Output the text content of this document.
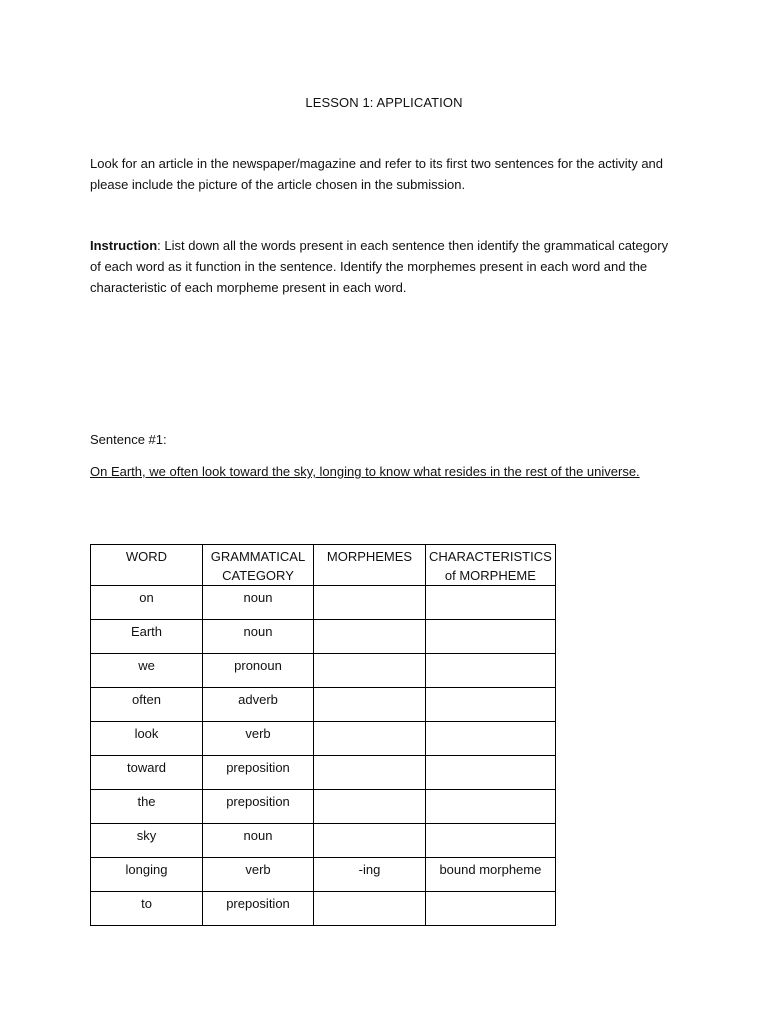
LESSON 1: APPLICATION
Look for an article in the newspaper/magazine and refer to its first two sentences for the activity and please include the picture of the article chosen in the submission.
Instruction: List down all the words present in each sentence then identify the grammatical category of each word as it function in the sentence. Identify the morphemes present in each word and the characteristic of each morpheme present in each word.
Sentence #1:
On Earth, we often look toward the sky, longing to know what resides in the rest of the universe.
WORD	GRAMMATICAL CATEGORY	MORPHEMES	CHARACTERISTICS of MORPHEME
on	noun		
Earth	noun		
we	pronoun		
often	adverb		
look	verb		
toward	preposition		
the	preposition		
sky	noun		
longing	verb	-ing	bound morpheme
to	preposition		
